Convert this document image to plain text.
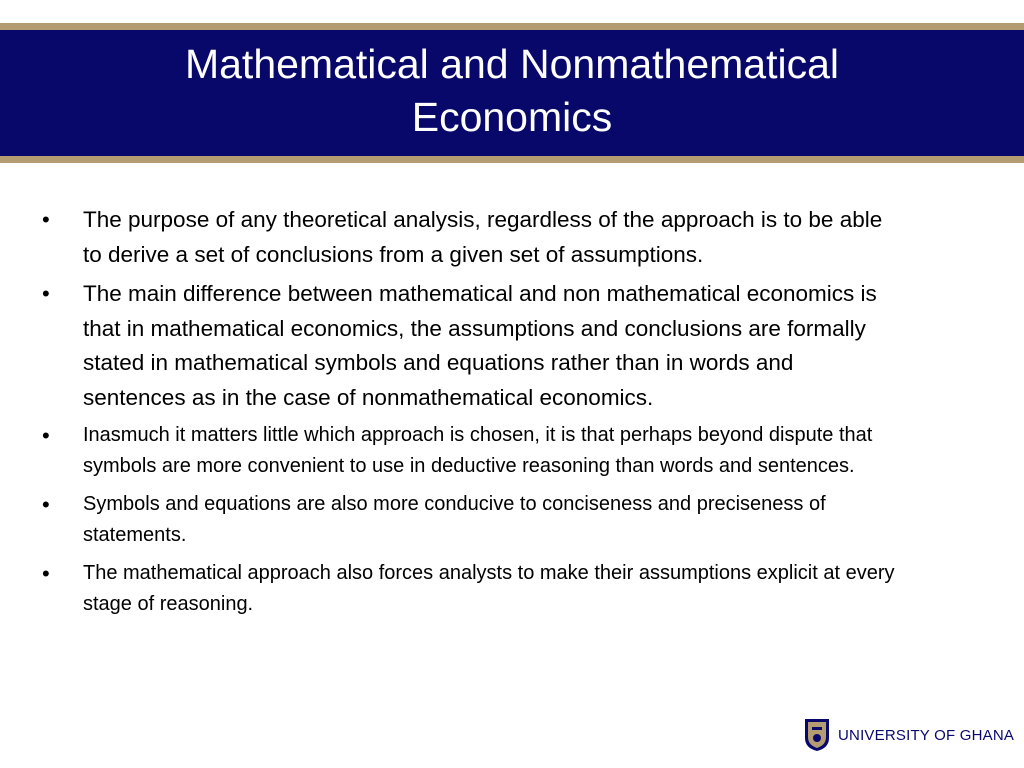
Mathematical and Nonmathematical Economics
• The purpose of any theoretical analysis, regardless of the approach is to be able to derive a set of conclusions from a given set of assumptions.
• The main difference between mathematical and non mathematical economics is that in mathematical economics, the assumptions and conclusions are formally stated in mathematical symbols and equations rather than in words and sentences as in the case of nonmathematical economics.
• Inasmuch it matters little which approach is chosen, it is that perhaps beyond dispute that symbols are more convenient to use in deductive reasoning than words and sentences.
• Symbols and equations are also more conducive to conciseness and preciseness of statements.
• The mathematical approach also forces analysts to make their assumptions explicit at every stage of reasoning.
UNIVERSITY OF GHANA
